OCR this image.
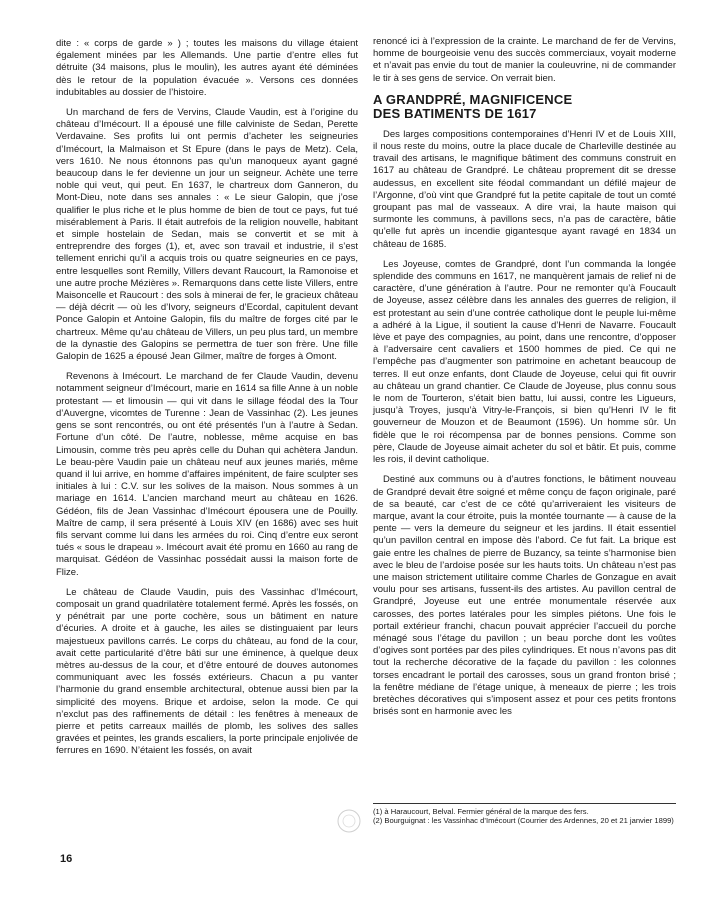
dite : « corps de garde » ) ; toutes les maisons du village étaient également minées par les Allemands. Une partie d’entre elles fut détruite (34 maisons, plus le moulin), les autres ayant été déminées dès le retour de la population évacuée ». Versons ces données indubitables au dossier de l’histoire.

Un marchand de fers de Vervins, Claude Vaudin, est à l’origine du château d’Imécourt. Il a épousé une fille calviniste de Sedan, Perette Verdavaine. Ses profits lui ont permis d’acheter les seigneuries d’Imécourt, la Malmaison et St Epure (dans le pays de Metz). Cela, vers 1610. Ne nous étonnons pas qu’un manoqueux ayant gagné beaucoup dans le fer devienne un jour un seigneur. Achète une terre noble qui veut, qui peut. En 1637, le chartreux dom Ganneron, du Mont-Dieu, note dans ses annales : « Le sieur Galopin, que j’ose qualifier le plus riche et le plus homme de bien de tout ce pays, fut tué misérablement à Paris. Il était autrefois de la religion nouvelle, habitant et simple hostelain de Sedan, mais se convertit et se mit à entreprendre des forges (1), et, avec son travail et industrie, il s’est tellement enrichi qu’il a acquis trois ou quatre seigneuries en ce pays, entre lesquelles sont Remilly, Villers devant Raucourt, la Ramonoise et une autre proche Mézières ». Remarquons dans cette liste Villers, entre Maisoncelle et Raucourt : des sols à minerai de fer, le gracieux château — déjà décrit — où les d’Ivory, seigneurs d’Ecordal, capitulent devant Ponce Galopin et Antoine Galopin, fils du maître de forges cité par le chartreux. Même qu’au château de Villers, un peu plus tard, un membre de la dynastie des Galopins se permettra de tuer son frère. Une fille Galopin de 1625 a épousé Jean Gilmer, maître de forges à Omont.

Revenons à Imécourt. Le marchand de fer Claude Vaudin, devenu notamment seigneur d’Imécourt, marie en 1614 sa fille Anne à un noble protestant — et limousin — qui vit dans le sillage féodal des la Tour d’Auvergne, vicomtes de Turenne : Jean de Vassinhac (2). Les jeunes gens se sont rencontrés, ou ont été présentés l’un à l’autre à Sedan. Fortune d’un côté. De l’autre, noblesse, même acquise en bas Limousin, comme très peu après celle du Duhan qui achètera Jandun. Le beau-père Vaudin paie un château neuf aux jeunes mariés, même quand il lui arrive, en homme d’affaires impénitent, de faire sculpter ses initiales à lui : C.V. sur les solives de la maison. Nous sommes à un mariage en 1614. L’ancien marchand meurt au château en 1626. Gédéon, fils de Jean Vassinhac d’Imécourt épousera une de Pouilly. Maître de camp, il sera présenté à Louis XIV (en 1686) avec ses huit fils servant comme lui dans les armées du roi. Cinq d’entre eux seront tués « sous le drapeau ». Imécourt avait été promu en 1660 au rang de marquisat. Gédéon de Vassinhac possédait aussi la maison forte de Flize.

Le château de Claude Vaudin, puis des Vassinhac d’Imécourt, composait un grand quadrilatère totalement fermé. Après les fossés, on y pénétrait par une porte cochère, sous un bâtiment en nature d’écuries. A droite et à gauche, les ailes se distinguaient par leurs majestueux pavillons carrés. Le corps du château, au fond de la cour, avait cette particularité d’être bâti sur une éminence, à quelque deux mètres au-dessus de la cour, et d’être entouré de douves autonomes communiquant avec les fossés extérieurs. Chacun a pu vanter l’harmonie du grand ensemble architectural, obtenue aussi bien par la simplicité des moyens. Brique et ardoise, selon la mode. Ce qui n’exclut pas des raffinements de détail : les fenêtres à meneaux de pierre et petits carreaux maillés de plomb, les solives des salles gravées et peintes, les grands escaliers, la porte principale enjolivée de ferrures en 1690. N’étaient les fossés, on avait

renoncé ici à l’expression de la crainte. Le marchand de fer de Vervins, homme de bourgeoisie venu des succès commerciaux, voyait moderne et n’avait pas envie du tout de manier la couleuvrine, ni de commander le tir à ses gens de service. On verrait bien.

A GRANDPRÉ, MAGNIFICENCE
DES BATIMENTS DE 1617

Des larges compositions contemporaines d’Henri IV et de Louis XIII, il nous reste du moins, outre la place ducale de Charleville destinée au travail des artisans, le magnifique bâtiment des communs construit en 1617 au château de Grandpré. Le château proprement dit se dresse audessus, en excellent site féodal commandant un défilé majeur de l’Argonne, d’où vint que Grandpré fut la petite capitale de tout un comté groupant pas mal de vasseaux. A dire vrai, la haute maison qui surmonte les communs, à pavillons secs, n’a pas de caractère, bâtie qu’elle fut après un incendie gigantesque ayant ravagé en 1834 un château de 1685.

Les Joyeuse, comtes de Grandpré, dont l’un commanda la longée splendide des communs en 1617, ne manquèrent jamais de relief ni de caractère, d’une génération à l’autre. Pour ne remonter qu’à Foucault de Joyeuse, assez célèbre dans les annales des guerres de religion, il est protestant au sein d’une contrée catholique dont le peuple lui-même a adhéré à la Ligue, il soutient la cause d’Henri de Navarre. Foucault lève et paye des compagnies, au point, dans une rencontre, d’opposer à l’adversaire cent cavaliers et 1500 hommes de pied. Ce qui ne l’empêche pas d’augmenter son patrimoine en achetant beaucoup de terres. Il eut onze enfants, dont Claude de Joyeuse, celui qui fit ouvrir au château un grand chantier. Ce Claude de Joyeuse, plus connu sous le nom de Tourteron, s’était bien battu, lui aussi, contre les Ligueurs, jusqu’à Troyes, jusqu’à Vitry-le-François, si bien qu’Henri IV le fit gouverneur de Mouzon et de Beaumont (1596). Un homme sûr. Un fidèle que le roi récompensa par de bonnes pensions. Comme son père, Claude de Joyeuse aimait acheter du sol et bâtir. Et puis, comme les rois, il devint catholique.

Destiné aux communs ou à d’autres fonctions, le bâtiment nouveau de Grandpré devait être soigné et même conçu de façon originale, paré de sa beauté, car c’est de ce côté qu’arriveraient les visiteurs de marque, avant la cour étroite, puis la montée tournante — à cause de la pente — vers la demeure du seigneur et les jardins. Il était essentiel qu’un pavillon central en impose dès l’abord. Ce fut fait. La brique est gaie entre les chaînes de pierre de Buzancy, sa teinte s’harmonise bien avec le bleu de l’ardoise posée sur les hauts toits. Un château n’est pas une maison strictement utilitaire comme Charles de Gonzague en avait voulu pour ses artisans, fussent-ils des artistes. Au pavillon central de Grandpré, Joyeuse eut une entrée monumentale réservée aux carosses, des portes latérales pour les simples piétons. Une fois le portail extérieur franchi, chacun pouvait apprécier l’accueil du porche ménagé sous l’étage du pavillon ; un beau porche dont les voûtes d’ogives sont portées par des piles cylindriques. Et nous n’avons pas dit tout la recherche décorative de la façade du pavillon : les colonnes torses encadrant le portail des carosses, sous un grand fronton brisé ; la fenêtre médiane de l’étage unique, à meneaux de pierre ; les trois bretèches décoratives qui s’imposent assez et pour ces petits frontons brisés sont en harmonie avec les

(1) à Haraucourt, Belval. Fermier général de la marque des fers.
(2) Bourguignat : les Vassinhac d’Imécourt (Courrier des Ardennes, 20 et 21 janvier 1899)
16
